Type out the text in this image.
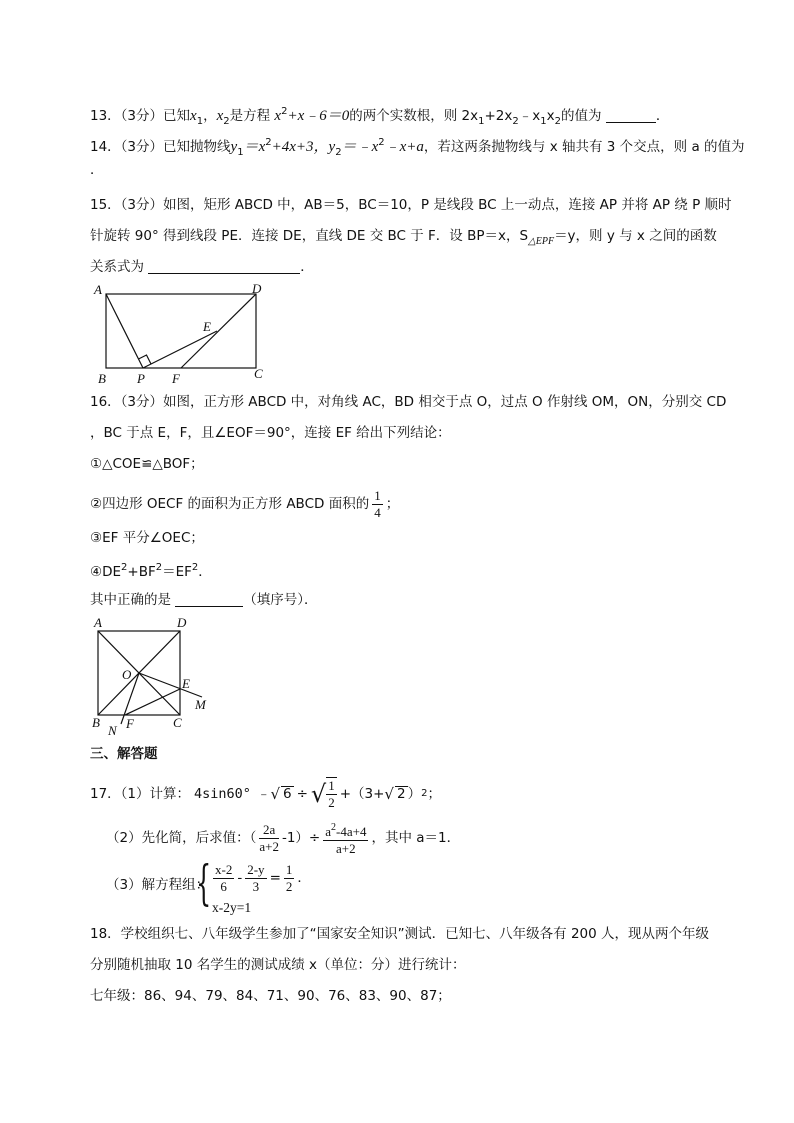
13．（3分）已知$x_1$，$x_2$是方程 $x^2+x﹣6=0$的两个实数根，则 $2x_1+2x_2﹣x_1x_2$的值为	．
14．（3分）已知抛物线$y_1=x^2+4x+3$，$y_2=﹣x^2﹣x+a$，若这两条抛物线与 x 轴共有 3 个交点，则 a 的值为
．
15．（3分）如图，矩形 ABCD 中，AB＝5，BC＝10，P 是线段 BC 上一动点，连接 AP 并将 AP 绕 P 顺时
针旋转 90° 得到线段 PE．连接 DE，直线 DE 交 BC 于 F．设 BP＝x，$S_{\triangle EPF}=y$，则 y 与 x 之间的函数
关系式为	．
A	D
E
B P F	C
16．（3分）如图，正方形 ABCD 中，对角线 AC，BD 相交于点 O，过点 O 作射线 OM，ON，分别交 CD
，BC 于点 E，F，且∠EOF＝90°，连接 EF 给出下列结论：
①△COE≌△BOF；
②四边形 OECF 的面积为正方形 ABCD 面积的 $\frac{1}{4}$ ；
③EF 平分∠OEC；
$④DE^2+BF^2=EF^2$．
其中正确的是	（填序号）．
A	D
O
E
M
B
N F	C
三、解答题
17．（1）计算： 4sin60° ﹣ √ 6 ÷ √ $\frac{1}{2} +(3+$ √ 2 ） 2 ；
（2）先化简，后求值：（ $\frac{2a}{a+2} -1)\div \frac{a^2-4a+4}{a+2}$ ，其中 a＝1．
（3）解方程组：
{ $\frac{x-2}{6} - \frac{2-y}{3} = \frac{1}{2}$ ．
x-2y=1
18．学校组织七、八年级学生参加了“国家安全知识”测试．已知七、八年级各有 200 人，现从两个年级
分别随机抽取 10 名学生的测试成绩 x（单位：分）进行统计：
七年级：86、94、79、84、71、90、76、83、90、87；
